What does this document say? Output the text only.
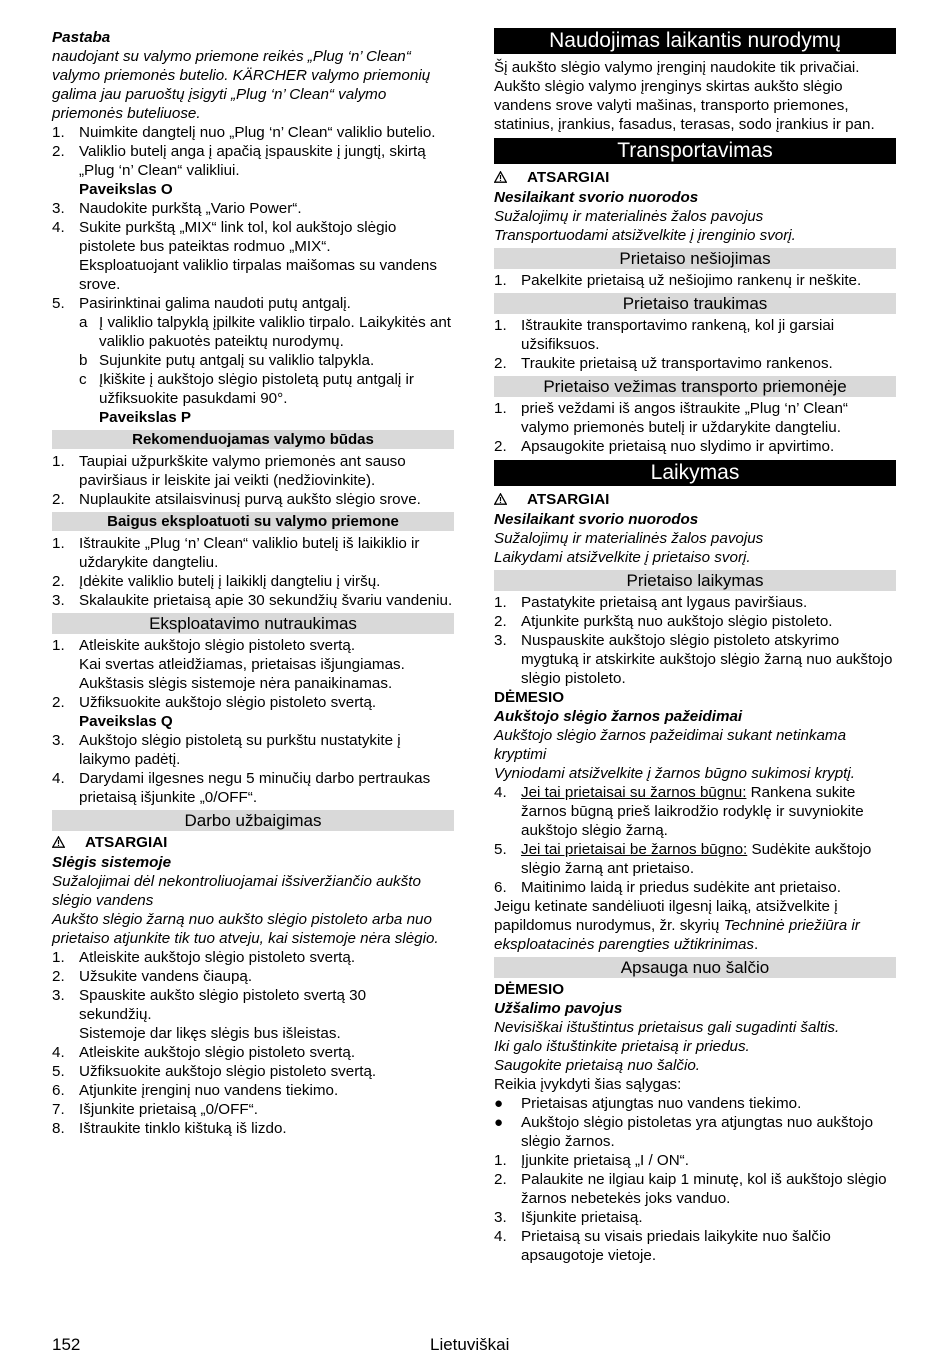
Pastaba

naudojant su valymo priemone reikės „Plug ‘n’ Clean“ valymo priemonės butelio. KÄRCHER valymo priemonių galima jau paruoštų įsigyti „Plug ‘n’ Clean“ valymo priemonės buteliuose.

1. Nuimkite dangtelį nuo „Plug ‘n’ Clean“ valiklio butelio.
2. Valiklio butelį anga į apačią įspauskite į jungtį, skirtą „Plug ‘n’ Clean“ valikliui.

Paveikslas O

3. Naudokite purkštą „Vario Power“.
4. Sukite purkštą „MIX“ link tol, kol aukštojo slėgio pistolete bus pateiktas rodmuo „MIX“.

Eksploatuojant valiklio tirpalas maišomas su vandens srove.

5. Pasirinktinai galima naudoti putų antgalį.
a Į valiklio talpyklą įpilkite valiklio tirpalo. Laikykitės ant valiklio pakuotės pateiktų nurodymų.
b Sujunkite putų antgalį su valiklio talpykla.
c Įkiškite į aukštojo slėgio pistoletą putų antgalį ir užfiksuokite pasukdami 90°.

Paveikslas P

Rekomenduojamas valymo būdas
1. Taupiai užpurkškite valymo priemonės ant sauso paviršiaus ir leiskite jai veikti (nedžiovinkite).
2. Nuplaukite atsilaisvinusį purvą aukšto slėgio srove.
Baigus eksploatuoti su valymo priemone
1. Ištraukite „Plug ‘n’ Clean“ valiklio butelį iš laikiklio ir uždarykite dangteliu.
2. Įdėkite valiklio butelį į laikiklį dangteliu į viršų.
3. Skalaukite prietaisą apie 30 sekundžių švariu vandeniu.
Eksploatavimo nutraukimas
1. Atleiskite aukštojo slėgio pistoleto svertą.

Kai svertas atleidžiamas, prietaisas išjungiamas. Aukštasis slėgis sistemoje nėra panaikinamas.

2. Užfiksuokite aukštojo slėgio pistoleto svertą.

Paveikslas Q

3. Aukštojo slėgio pistoletą su purkštu nustatykite į laikymo padėtį.
4. Darydami ilgesnes negu 5 minučių darbo pertraukas prietaisą išjunkite „0/OFF“.
Darbo užbaigimas
ATSARGIAI

Slėgis sistemoje

Sužalojimai dėl nekontroliuojamai išsiveržiančio aukšto slėgio vandens

Aukšto slėgio žarną nuo aukšto slėgio pistoleto arba nuo prietaiso atjunkite tik tuo atveju, kai sistemoje nėra slėgio.

1. Atleiskite aukštojo slėgio pistoleto svertą.
2. Užsukite vandens čiaupą.
3. Spauskite aukšto slėgio pistoleto svertą 30 sekundžių.

Sistemoje dar likęs slėgis bus išleistas.

4. Atleiskite aukštojo slėgio pistoleto svertą.
5. Užfiksuokite aukštojo slėgio pistoleto svertą.
6. Atjunkite įrenginį nuo vandens tiekimo.
7. Išjunkite prietaisą „0/OFF“.
8. Ištraukite tinklo kištuką iš lizdo.
Naudojimas laikantis nurodymų

Šį aukšto slėgio valymo įrenginį naudokite tik privačiai. Aukšto slėgio valymo įrenginys skirtas aukšto slėgio vandens srove valyti mašinas, transporto priemones, statinius, įrankius, fasadus, terasas, sodo įrankius ir pan.

Transportavimas
ATSARGIAI

Nesilaikant svorio nuorodos

Sužalojimų ir materialinės žalos pavojus

Transportuodami atsižvelkite į įrenginio svorį.

Prietaiso nešiojimas
1. Pakelkite prietaisą už nešiojimo rankenų ir neškite.
Prietaiso traukimas
1. Ištraukite transportavimo rankeną, kol ji garsiai užsifiksuos.
2. Traukite prietaisą už transportavimo rankenos.
Prietaiso vežimas transporto priemonėje
1. prieš veždami iš angos ištraukite „Plug ‘n’ Clean“ valymo priemonės butelį ir uždarykite dangteliu.
2. Apsaugokite prietaisą nuo slydimo ir apvirtimo.
Laikymas
ATSARGIAI

Nesilaikant svorio nuorodos

Sužalojimų ir materialinės žalos pavojus

Laikydami atsižvelkite į prietaiso svorį.

Prietaiso laikymas
1. Pastatykite prietaisą ant lygaus paviršiaus.
2. Atjunkite purkštą nuo aukštojo slėgio pistoleto.
3. Nuspauskite aukštojo slėgio pistoleto atskyrimo mygtuką ir atskirkite aukštojo slėgio žarną nuo aukštojo slėgio pistoleto.

DĖMESIO

Aukštojo slėgio žarnos pažeidimai

Aukštojo slėgio žarnos pažeidimai sukant netinkama kryptimi

Vyniodami atsižvelkite į žarnos būgno sukimosi kryptį.

4. Jei tai prietaisai su žarnos būgnu: Rankena sukite žarnos būgną prieš laikrodžio rodyklę ir suvyniokite aukštojo slėgio žarną.
5. Jei tai prietaisai be žarnos būgno: Sudėkite aukštojo slėgio žarną ant prietaiso.
6. Maitinimo laidą ir priedus sudėkite ant prietaiso.

Jeigu ketinate sandėliuoti ilgesnį laiką, atsižvelkite į papildomus nurodymus, žr. skyrių Techninė priežiūra ir eksploatacinės parengties užtikrinimas.

Apsauga nuo šalčio

DĖMESIO

Užšalimo pavojus

Nevisiškai ištuštintus prietaisus gali sugadinti šaltis.

Iki galo ištuštinkite prietaisą ir priedus.

Saugokite prietaisą nuo šalčio.

Reikia įvykdyti šias sąlygas:

●	Prietaisas atjungtas nuo vandens tiekimo.
●	Aukštojo slėgio pistoletas yra atjungtas nuo aukštojo slėgio žarnos.
1. Įjunkite prietaisą „I / ON“.
2. Palaukite ne ilgiau kaip 1 minutę, kol iš aukštojo slėgio žarnos nebetekės joks vanduo.
3. Išjunkite prietaisą.
4. Prietaisą su visais priedais laikykite nuo šalčio apsaugotoje vietoje.
152	Lietuviškai
